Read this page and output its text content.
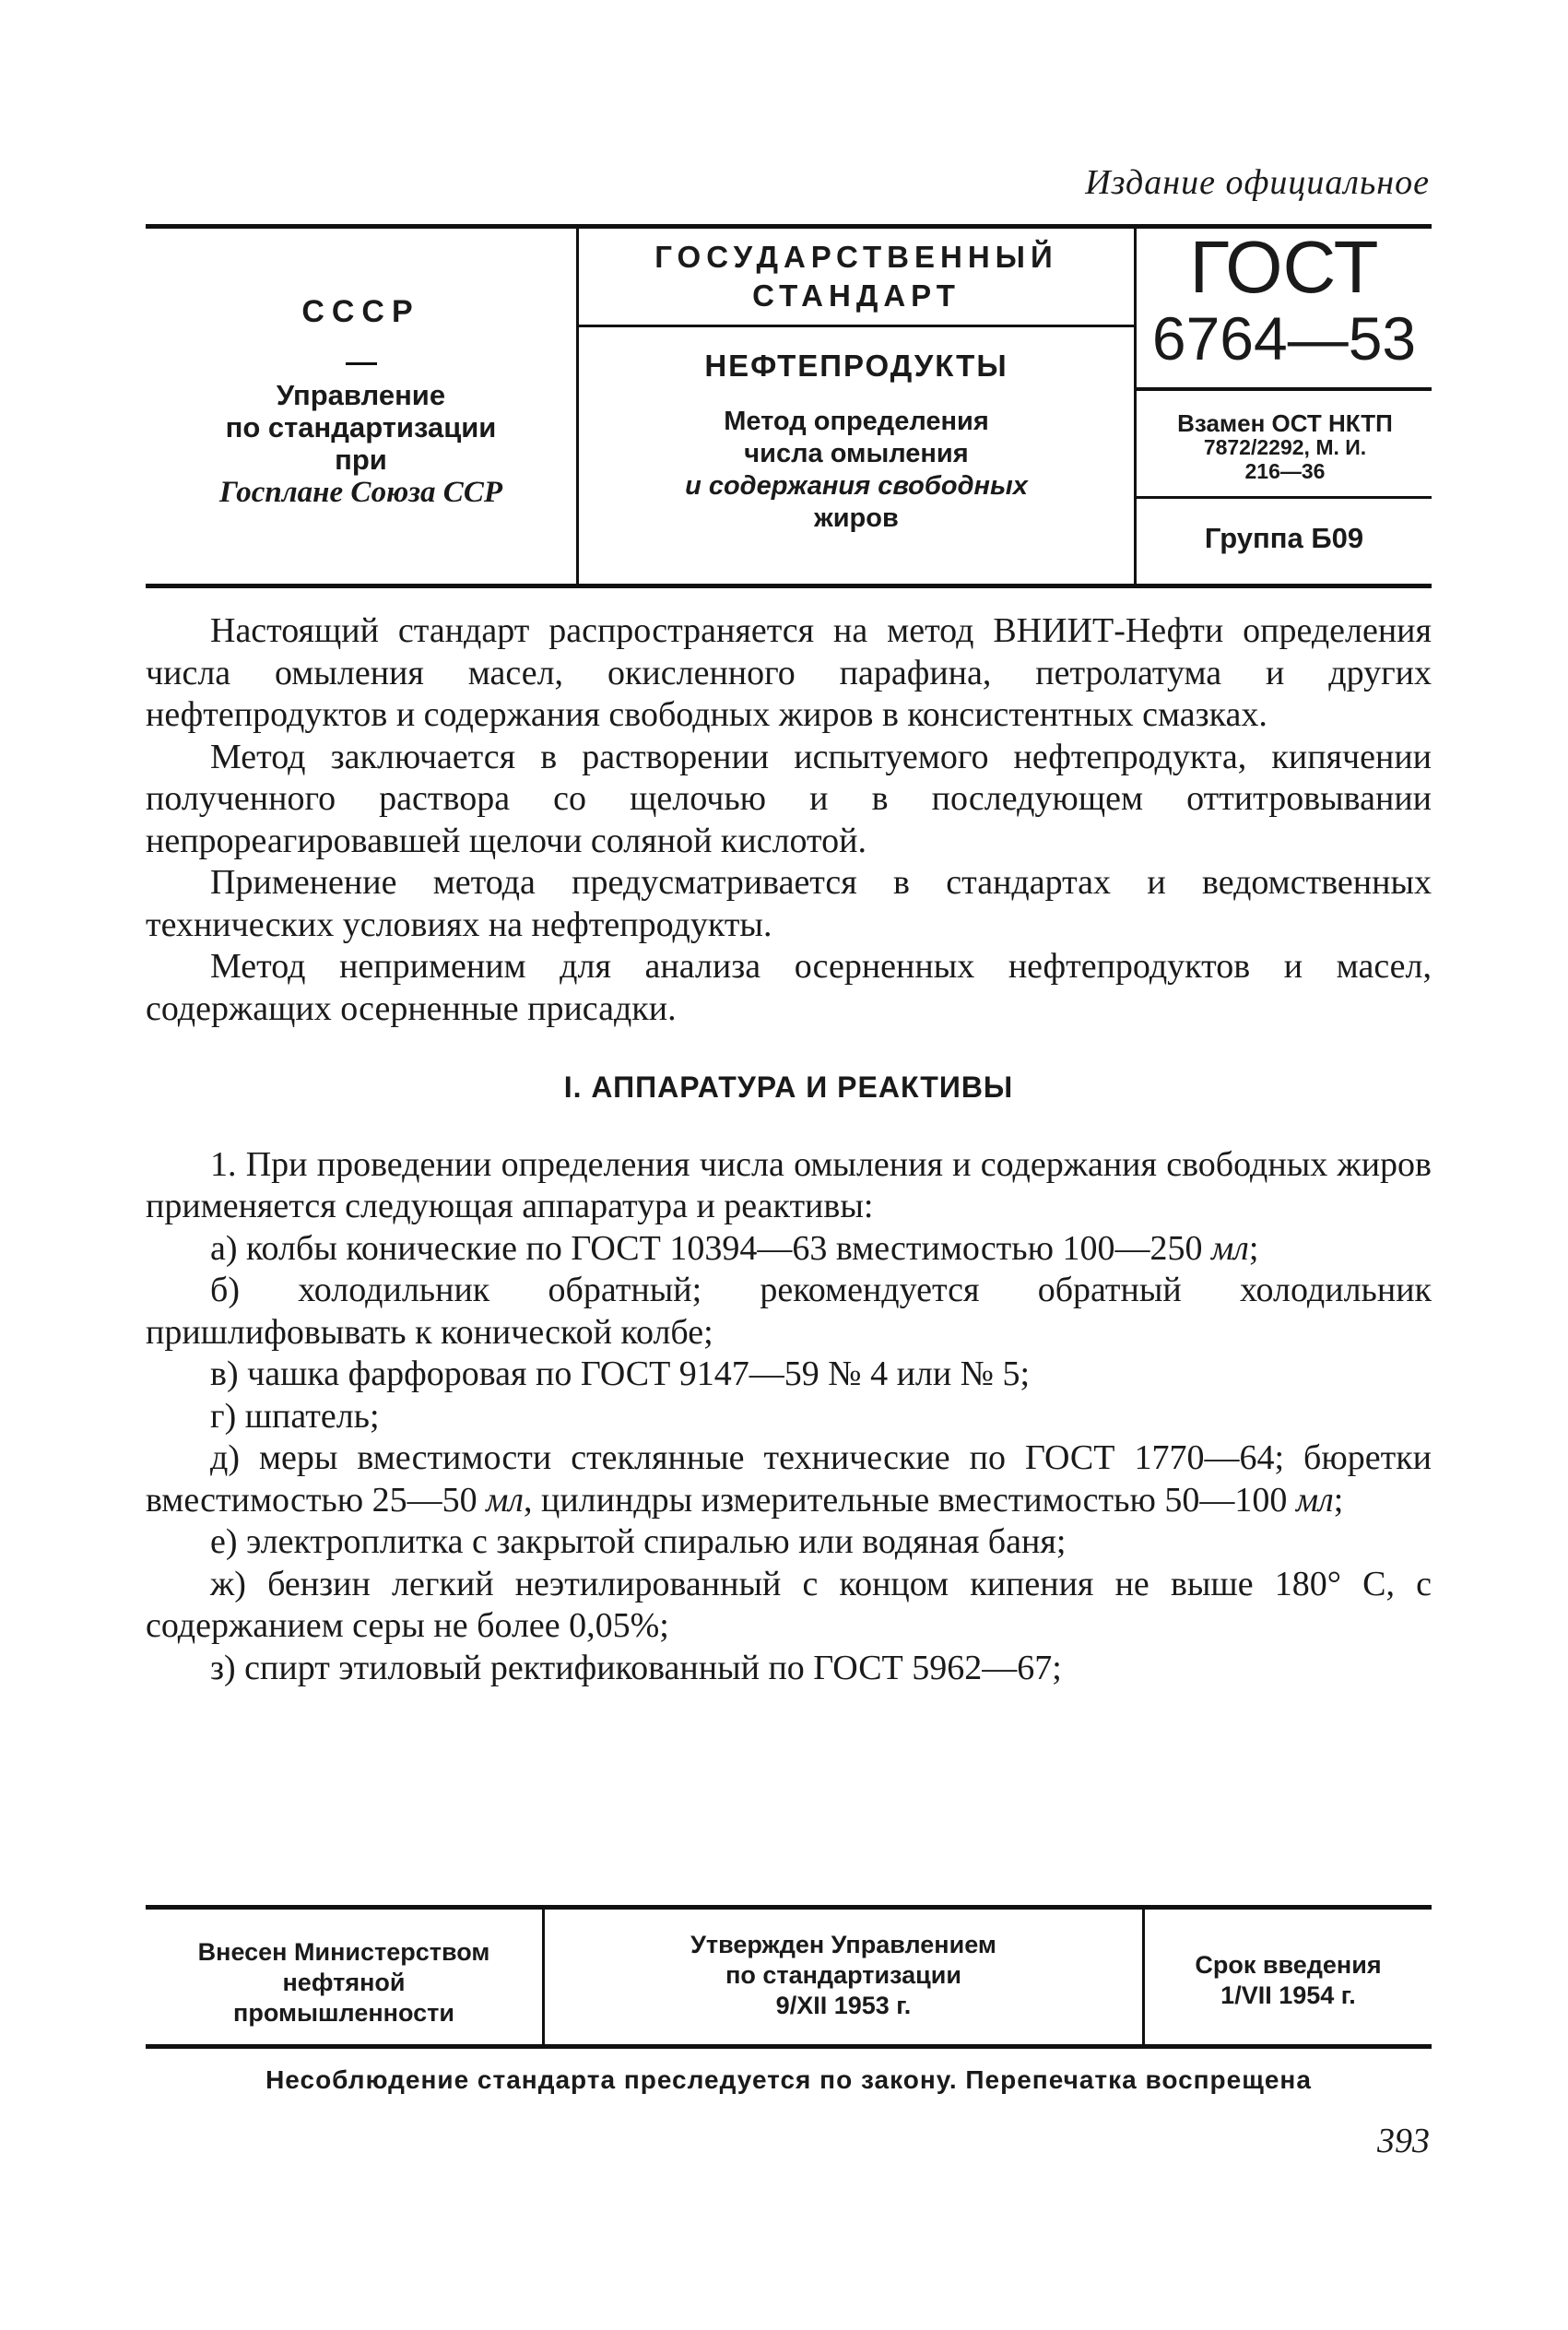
Издание официальное
СССР
Управление
по стандартизации
при
Госплане Союза ССР
ГОСУДАРСТВЕННЫЙ
СТАНДАРТ
НЕФТЕПРОДУКТЫ
Метод определения
числа омыления
и содержания свободных
жиров
ГОСТ
6764—53
Взамен ОСТ НКТП
7872/2292, М. И.
216—36
Группа Б09

Настоящий стандарт распространяется на метод ВНИИТ-Нефти определения числа омыления масел, окисленного парафина, петролатума и других нефтепродуктов и содержания свободных жиров в консистентных смазках.

Метод заключается в растворении испытуемого нефтепродукта, кипячении полученного раствора со щелочью и в последующем оттитровывании непрореагировавшей щелочи соляной кислотой.

Применение метода предусматривается в стандартах и ведомственных технических условиях на нефтепродукты.

Метод неприменим для анализа осерненных нефтепродуктов и масел, содержащих осерненные присадки.

I. АППАРАТУРА И РЕАКТИВЫ

1. При проведении определения числа омыления и содержания свободных жиров применяется следующая аппаратура и реактивы:

а) колбы конические по ГОСТ 10394—63 вместимостью 100—250 мл;

б) холодильник обратный; рекомендуется обратный холодильник пришлифовывать к конической колбе;

в) чашка фарфоровая по ГОСТ 9147—59 № 4 или № 5;

г) шпатель;

д) меры вместимости стеклянные технические по ГОСТ 1770—64; бюретки вместимостью 25—50 мл, цилиндры измерительные вместимостью 50—100 мл;

е) электроплитка с закрытой спиралью или водяная баня;

ж) бензин легкий неэтилированный с концом кипения не выше 180° С, с содержанием серы не более 0,05%;

з) спирт этиловый ректификованный по ГОСТ 5962—67;

Внесен Министерством
нефтяной
промышленности
Утвержден Управлением
по стандартизации
9/XII 1953 г.
Срок введения
1/VII 1954 г.
Несоблюдение стандарта преследуется по закону. Перепечатка воспрещена
393
